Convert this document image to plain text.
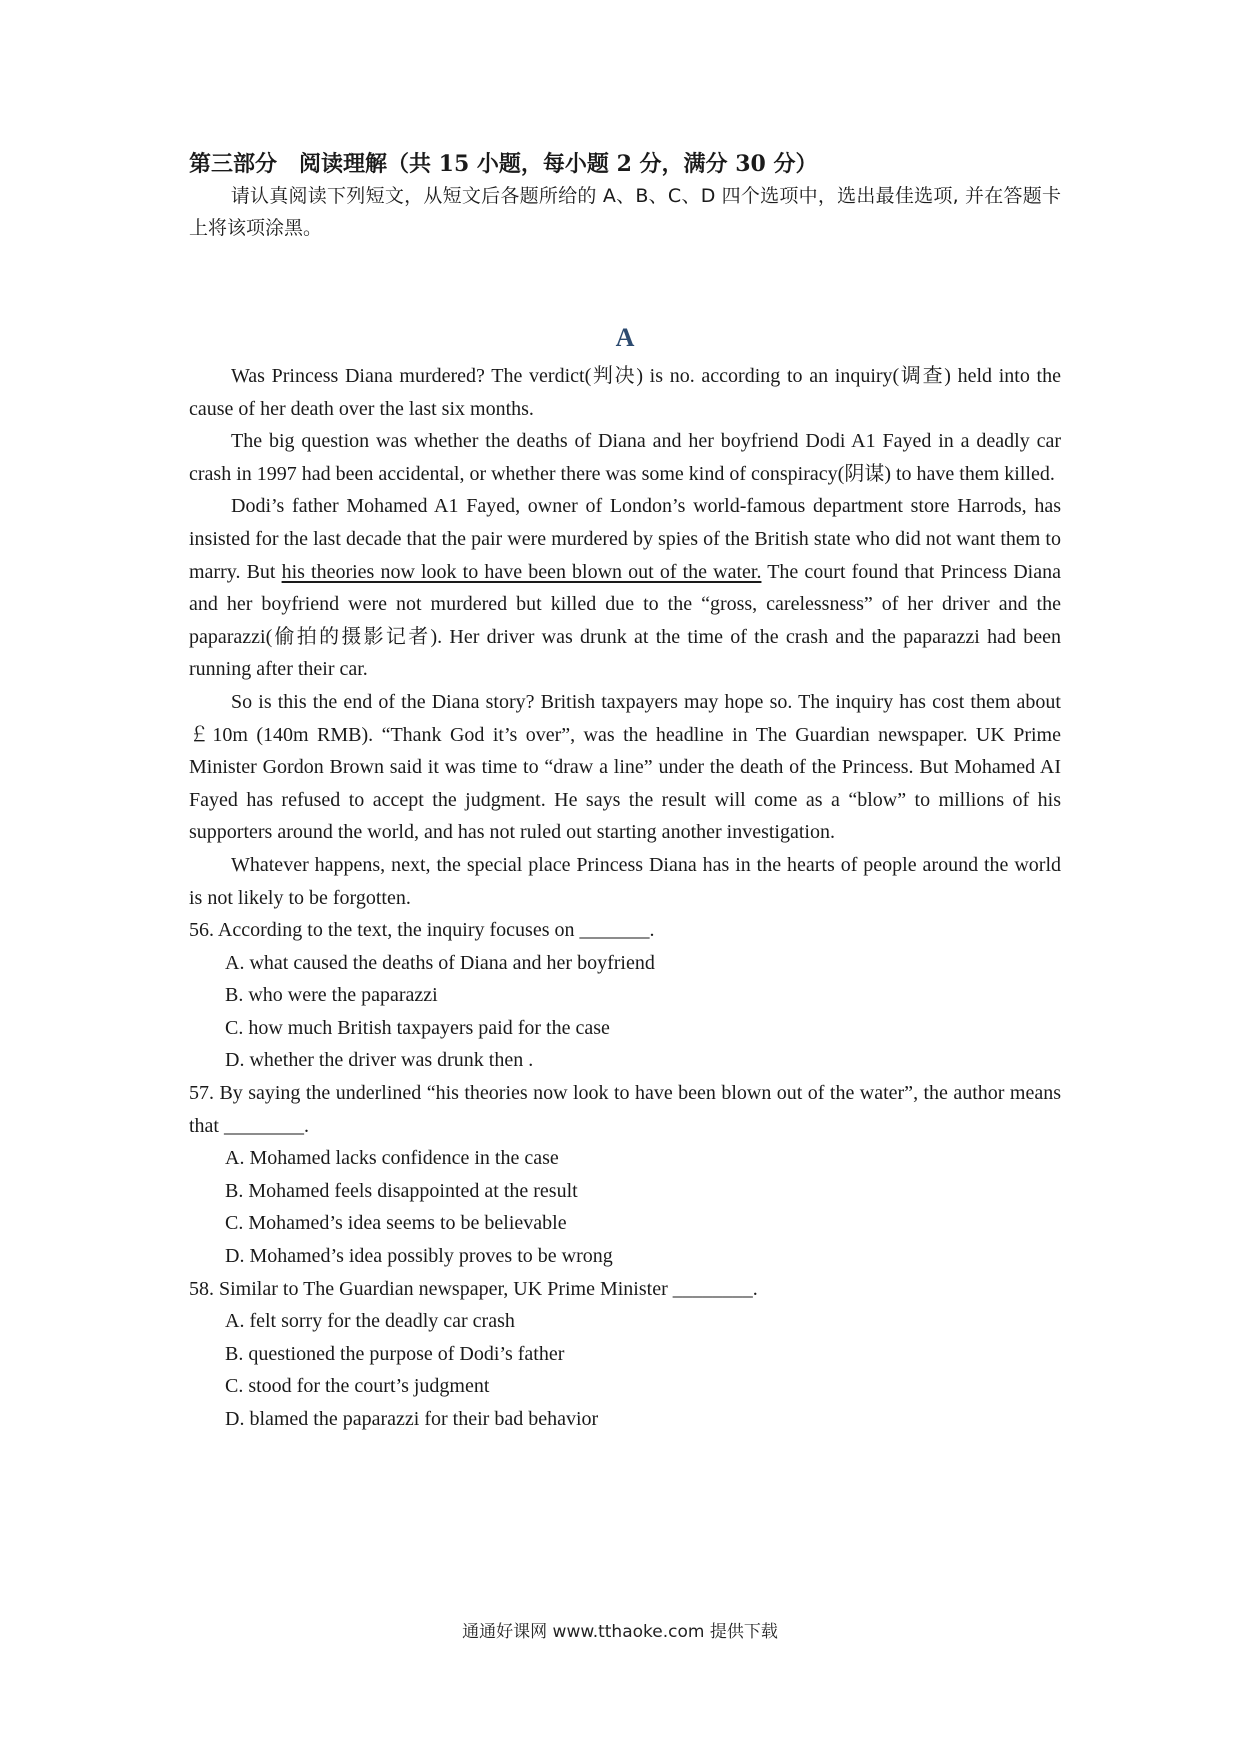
第三部分　阅读理解（共 15 小题，每小题 2 分，满分 30 分）

请认真阅读下列短文，从短文后各题所给的 A、B、C、D 四个选项中，选出最佳选项, 并在答题卡上将该项涂黑。

A

Was Princess Diana murdered? The verdict(判决) is no. according to an inquiry(调查) held into the cause of her death over the last six months.

The big question was whether the deaths of Diana and her boyfriend Dodi A1 Fayed in a deadly car crash in 1997 had been accidental, or whether there was some kind of conspiracy(阴谋) to have them killed.

Dodi’s father Mohamed A1 Fayed, owner of London’s world-famous department store Harrods, has insisted for the last decade that the pair were murdered by spies of the British state who did not want them to marry. But his theories now look to have been blown out of the water. The court found that Princess Diana and her boyfriend were not murdered but killed due to the “gross, carelessness” of her driver and the paparazzi(偷拍的摄影记者). Her driver was drunk at the time of the crash and the paparazzi had been running after their car.

So is this the end of the Diana story? British taxpayers may hope so. The inquiry has cost them about ￡10m (140m RMB). “Thank God it’s over”, was the headline in The Guardian newspaper. UK Prime Minister Gordon Brown said it was time to “draw a line” under the death of the Princess. But Mohamed AI Fayed has refused to accept the judgment. He says the result will come as a “blow” to millions of his supporters around the world, and has not ruled out starting another investigation.

Whatever happens, next, the special place Princess Diana has in the hearts of people around the world is not likely to be forgotten.

56. According to the text, the inquiry focuses on _______.

A. what caused the deaths of Diana and her boyfriend

B. who were the paparazzi

C. how much British taxpayers paid for the case

D. whether the driver was drunk then .

57. By saying the underlined “his theories now look to have been blown out of the water”, the author means that ________.

A. Mohamed lacks confidence in the case

B. Mohamed feels disappointed at the result

C. Mohamed’s idea seems to be believable

D. Mohamed’s idea possibly proves to be wrong

58. Similar to The Guardian newspaper, UK Prime Minister ________.

A. felt sorry for the deadly car crash

B. questioned the purpose of Dodi’s father

C. stood for the court’s judgment

D. blamed the paparazzi for their bad behavior

通通好课网 www.tthaoke.com 提供下载
